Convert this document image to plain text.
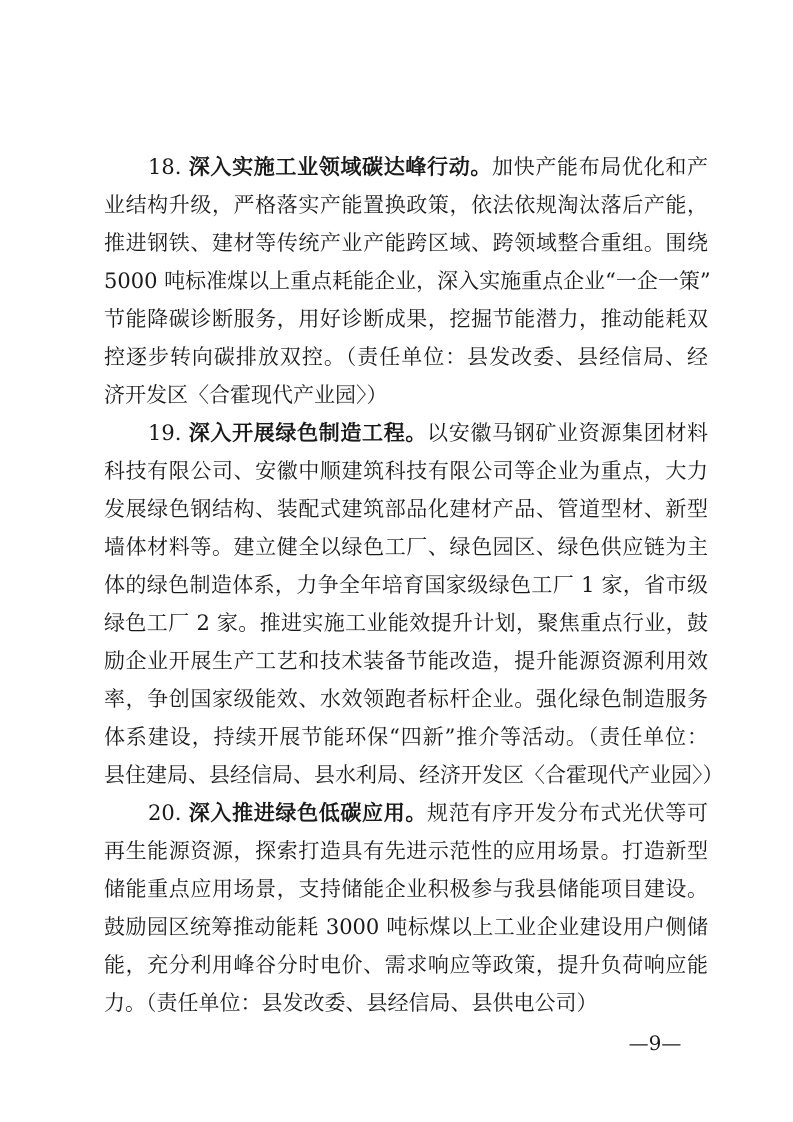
18. 深入实施工业领域碳达峰行动。加快产能布局优化和产
业结构升级，严格落实产能置换政策，依法依规淘汰落后产能，
推进钢铁、建材等传统产业产能跨区域、跨领域整合重组。围绕
5000 吨标准煤以上重点耗能企业，深入实施重点企业“一企一策”
节能降碳诊断服务，用好诊断成果，挖掘节能潜力，推动能耗双
控逐步转向碳排放双控。（责任单位：县发改委、县经信局、经
济开发区〈合霍现代产业园〉）
19. 深入开展绿色制造工程。以安徽马钢矿业资源集团材料
科技有限公司、安徽中顺建筑科技有限公司等企业为重点，大力
发展绿色钢结构、装配式建筑部品化建材产品、管道型材、新型
墙体材料等。建立健全以绿色工厂、绿色园区、绿色供应链为主
体的绿色制造体系，力争全年培育国家级绿色工厂 1 家，省市级
绿色工厂 2 家。推进实施工业能效提升计划，聚焦重点行业，鼓
励企业开展生产工艺和技术装备节能改造，提升能源资源利用效
率，争创国家级能效、水效领跑者标杆企业。强化绿色制造服务
体系建设，持续开展节能环保“四新”推介等活动。（责任单位：
县住建局、县经信局、县水利局、经济开发区〈合霍现代产业园〉）
20. 深入推进绿色低碳应用。规范有序开发分布式光伏等可
再生能源资源，探索打造具有先进示范性的应用场景。打造新型
储能重点应用场景，支持储能企业积极参与我县储能项目建设。
鼓励园区统筹推动能耗 3000 吨标煤以上工业企业建设用户侧储
能，充分利用峰谷分时电价、需求响应等政策，提升负荷响应能
力。（责任单位：县发改委、县经信局、县供电公司）
—9—
